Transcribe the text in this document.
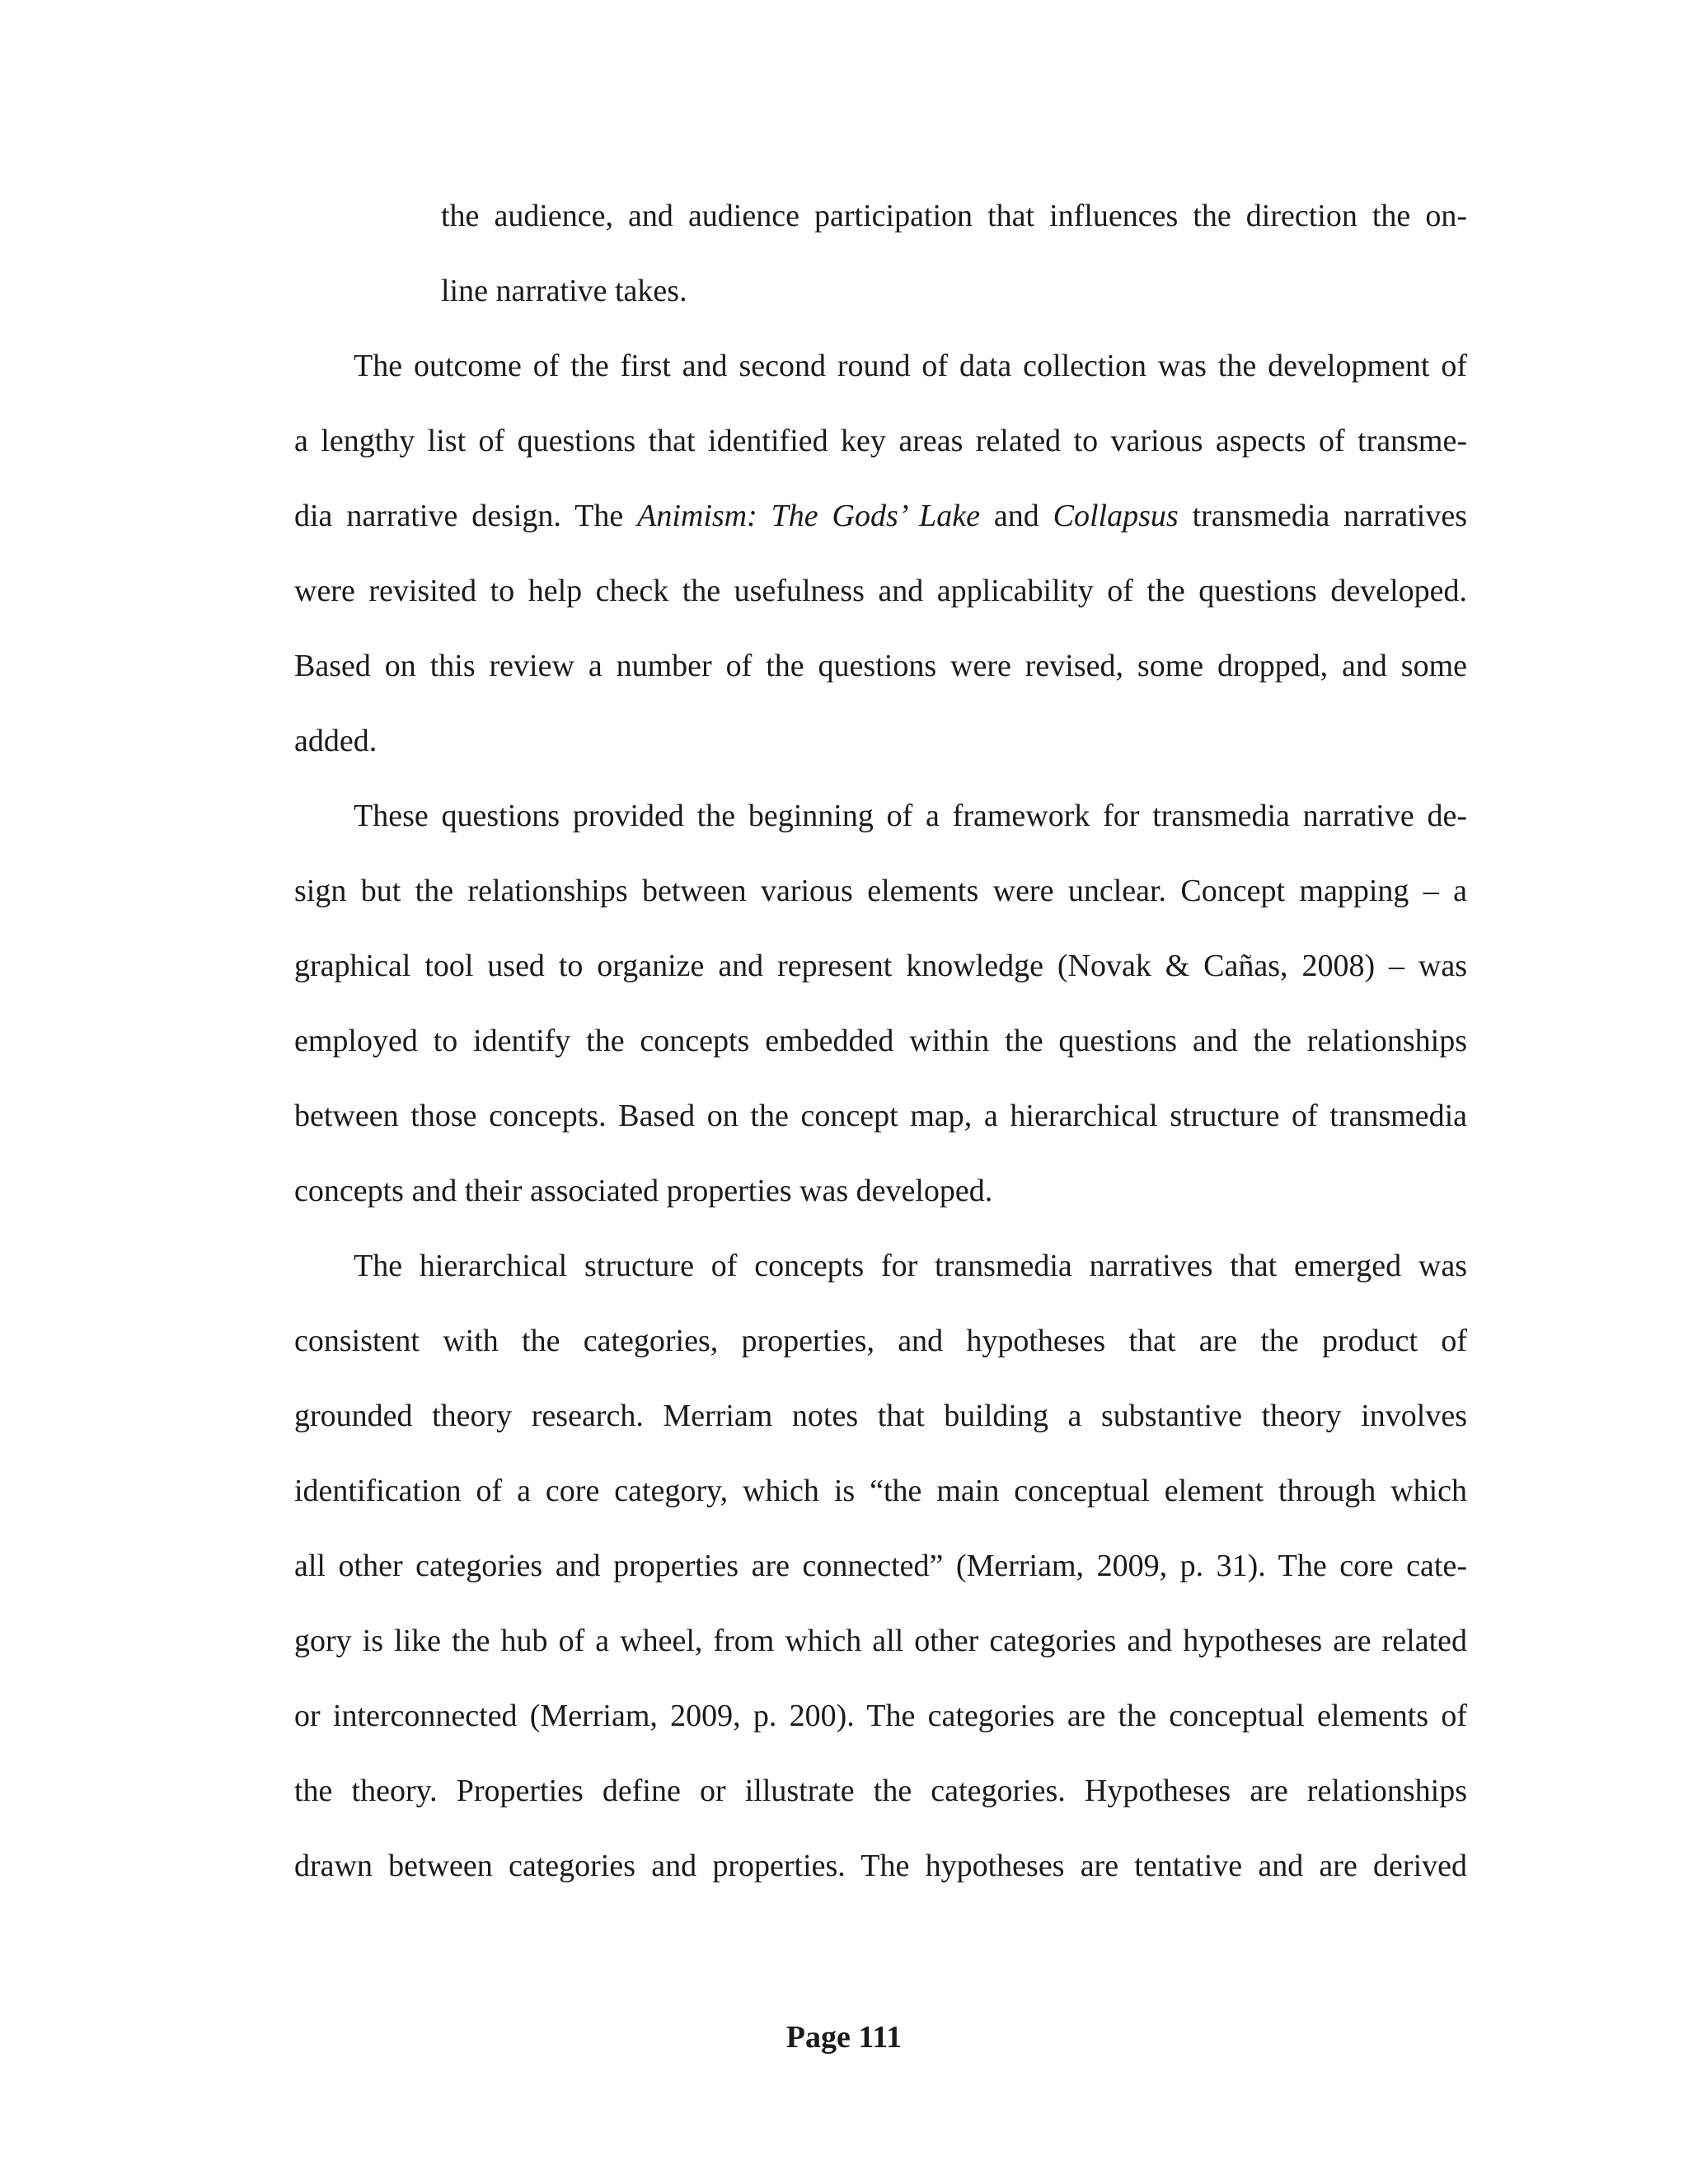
the audience, and audience participation that influences the direction the on-
line narrative takes.
The outcome of the first and second round of data collection was the development of
a lengthy list of questions that identified key areas related to various aspects of transme-
dia narrative design. The Animism: The Gods’ Lake and Collapsus transmedia narratives
were revisited to help check the usefulness and applicability of the questions developed.
Based on this review a number of the questions were revised, some dropped, and some
added.
These questions provided the beginning of a framework for transmedia narrative de-
sign but the relationships between various elements were unclear. Concept mapping – a
graphical tool used to organize and represent knowledge (Novak & Cañas, 2008) – was
employed to identify the concepts embedded within the questions and the relationships
between those concepts. Based on the concept map, a hierarchical structure of transmedia
concepts and their associated properties was developed.
The hierarchical structure of concepts for transmedia narratives that emerged was
consistent with the categories, properties, and hypotheses that are the product of
grounded theory research. Merriam notes that building a substantive theory involves
identification of a core category, which is “the main conceptual element through which
all other categories and properties are connected” (Merriam, 2009, p. 31). The core cate-
gory is like the hub of a wheel, from which all other categories and hypotheses are related
or interconnected (Merriam, 2009, p. 200). The categories are the conceptual elements of
the theory. Properties define or illustrate the categories. Hypotheses are relationships
drawn between categories and properties. The hypotheses are tentative and are derived
Page 111
